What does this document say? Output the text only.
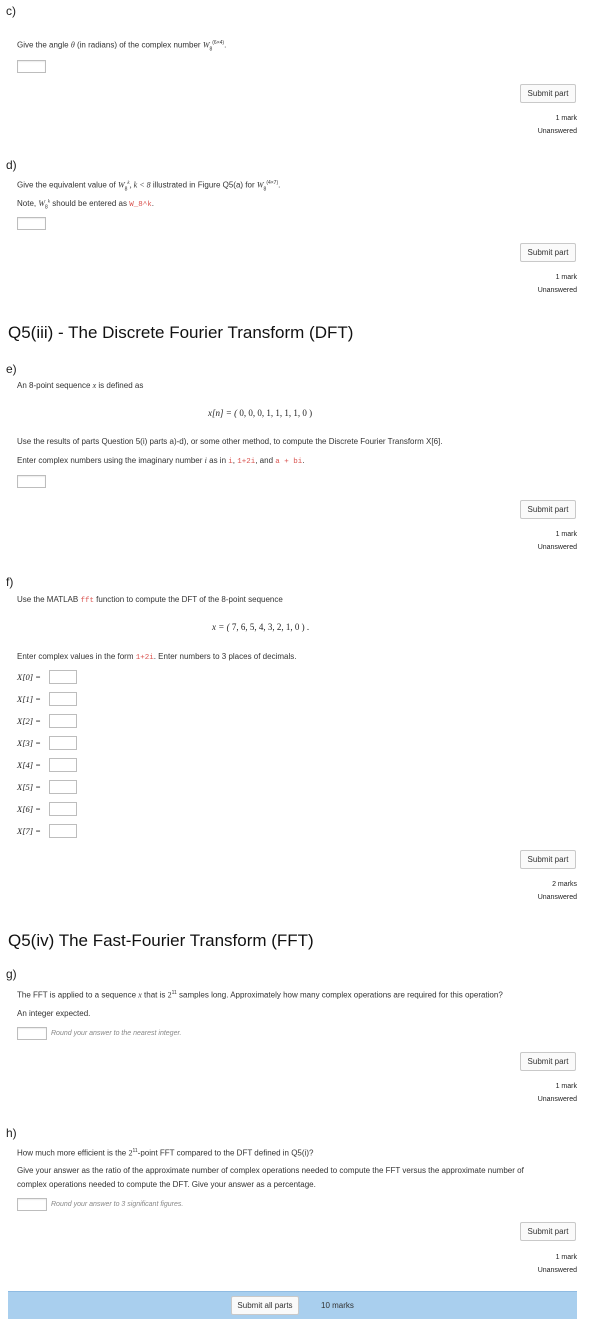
c)
Give the angle θ (in radians) of the complex number $W_8^{(6\times 4)}$.
Submit part
1 mark
Unanswered
d)
Give the equivalent value of $W_8^k$, k < 8 illustrated in Figure Q5(a) for $W_8^{(4\times 7)}$.
Note, $W_8^k$ should be entered as W_8^k.
Submit part
1 mark
Unanswered
Q5(iii) - The Discrete Fourier Transform (DFT)
e)
An 8-point sequence x is defined as
x[n] = ( 0, 0, 0, 1, 1, 1, 1, 0 )
Use the results of parts Question 5(i) parts a)-d), or some other method, to compute the Discrete Fourier Transform X[6].
Enter complex numbers using the imaginary number i as in i, 1+2i, and a + bi.
Submit part
1 mark
Unanswered
f)
Use the MATLAB fft function to compute the DFT of the 8-point sequence
x = ( 7, 6, 5, 4, 3, 2, 1, 0 ) .
Enter complex values in the form 1+2i. Enter numbers to 3 places of decimals.
X[0] =
X[1] =
X[2] =
X[3] =
X[4] =
X[5] =
X[6] =
X[7] =
Submit part
2 marks
Unanswered
Q5(iv) The Fast-Fourier Transform (FFT)
g)
The FFT is applied to a sequence x that is $2^{11}$ samples long. Approximately how many complex operations are required for this operation?
An integer expected.
Round your answer to the nearest integer.
Submit part
1 mark
Unanswered
h)
How much more efficient is the $2^{11}$-point FFT compared to the DFT defined in Q5(i)?
Give your answer as the ratio of the approximate number of complex operations needed to compute the FFT versus the approximate number of
complex operations needed to compute the DFT. Give your answer as a percentage.
Round your answer to 3 significant figures.
Submit part
1 mark
Unanswered
Submit all parts	10 marks
